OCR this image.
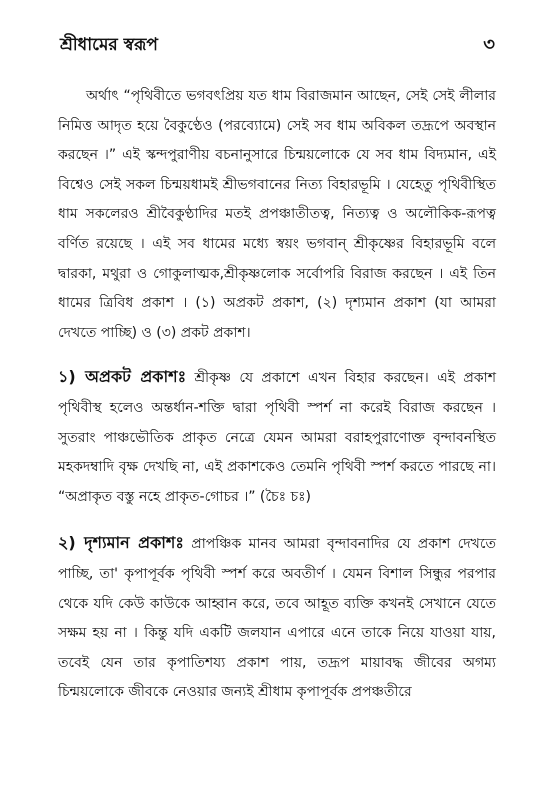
শ্রীধামের স্বরূপ	৩

অর্থাৎ “পৃথিবীতে ভগবৎপ্রিয় যত ধাম বিরাজমান আছেন, সেই সেই লীলার নিমিত্ত আদৃত হয়ে বৈকুণ্ঠেও (পরব্যোমে) সেই সব ধাম অবিকল তদ্রূপে অবস্থান করছেন ।” এই স্কন্দপুরাণীয় বচনানুসারে চিন্ময়লোকে যে সব ধাম বিদ্যমান, এই বিশ্বেও সেই সকল চিন্ময়ধামই শ্রীভগবানের নিত্য বিহারভূমি । যেহেতু পৃথিবীস্থিত ধাম সকলেরও শ্রীবৈকুণ্ঠাদির মতই প্রপঞ্চাতীতত্ব, নিত্যত্ব ও অলৌকিক-রূপত্ব বর্ণিত রয়েছে । এই সব ধামের মধ্যে স্বয়ং ভগবান্ শ্রীকৃষ্ণের বিহারভূমি বলে দ্বারকা, মথুরা ও গোকুলাত্মক,শ্রীকৃষ্ণলোক সর্বোপরি বিরাজ করছেন । এই তিন ধামের ত্রিবিধ প্রকাশ । (১) অপ্রকট প্রকাশ, (২) দৃশ্যমান প্রকাশ (যা আমরা দেখতে পাচ্ছি) ও (৩) প্রকট প্রকাশ।

১) অপ্রকট প্রকাশঃ শ্রীকৃষ্ণ যে প্রকাশে এখন বিহার করছেন। এই প্রকাশ পৃথিবীস্থ হলেও অন্তর্ধান-শক্তি দ্বারা পৃথিবী স্পর্শ না করেই বিরাজ করছেন । সুতরাং পাঞ্চভৌতিক প্রাকৃত নেত্রে যেমন আমরা বরাহপুরাণোক্ত বৃন্দাবনস্থিত মহকদম্বাদি বৃক্ষ দেখছি না, এই প্রকাশকেও তেমনি পৃথিবী স্পর্শ করতে পারছে না। “অপ্রাকৃত বস্তু নহে প্রাকৃত-গোচর ।” (চৈঃ চঃ)

২) দৃশ্যমান প্রকাশঃ প্রাপঞ্চিক মানব আমরা বৃন্দাবনাদির যে প্রকাশ দেখতে পাচ্ছি, তা' কৃপাপূর্বক পৃথিবী স্পর্শ করে অবতীর্ণ । যেমন বিশাল সিন্ধুর পরপার থেকে যদি কেউ কাউকে আহ্বান করে, তবে আহূত ব্যক্তি কখনই সেখানে যেতে সক্ষম হয় না । কিন্তু যদি একটি জলযান এপারে এনে তাকে নিয়ে যাওয়া যায়, তবেই যেন তার কৃপাতিশয্য প্রকাশ পায়, তদ্রূপ মায়াবদ্ধ জীবের অগম্য চিন্ময়লোকে জীবকে নেওয়ার জন্যই শ্রীধাম কৃপাপূর্বক প্রপঞ্চতীরে
